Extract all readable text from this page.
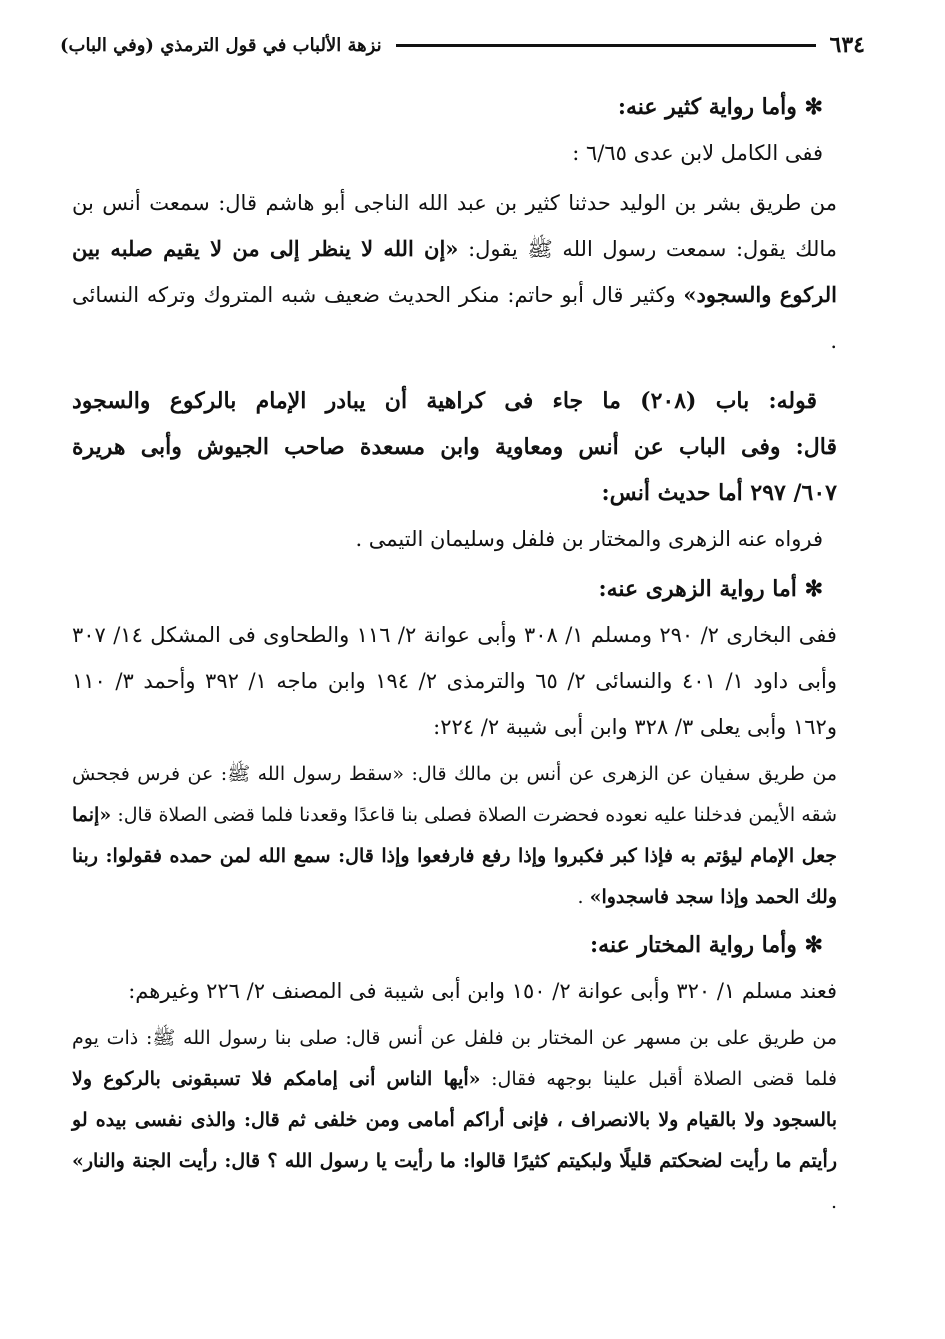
٦٣٤
نزهة الألباب في قول الترمذي (وفي الباب)
✻ وأما رواية كثير عنه:
ففى الكامل لابن عدى ٦/٦٥ :
من طريق بشر بن الوليد حدثنا كثير بن عبد الله الناجى أبو هاشم قال: سمعت أنس بن مالك يقول: سمعت رسول الله ﷺ يقول: «إن الله لا ينظر إلى من لا يقيم صلبه بين الركوع والسجود» وكثير قال أبو حاتم: منكر الحديث ضعيف شبه المتروك وتركه النسائى .
قوله: باب (٢٠٨) ما جاء فى كراهية أن يبادر الإمام بالركوع والسجود
قال: وفى الباب عن أنس ومعاوية وابن مسعدة صاحب الجيوش وأبى هريرة
٦٠٧/ ٢٩٧ أما حديث أنس:
فرواه عنه الزهرى والمختار بن فلفل وسليمان التيمى .
✻ أما رواية الزهرى عنه:
ففى البخارى ٢/ ٢٩٠ ومسلم ١/ ٣٠٨ وأبى عوانة ٢/ ١١٦ والطحاوى فى المشكل ١٤/ ٣٠٧ وأبى داود ١/ ٤٠١ والنسائى ٢/ ٦٥ والترمذى ٢/ ١٩٤ وابن ماجه ١/ ٣٩٢ وأحمد ٣/ ١١٠ و١٦٢ وأبى يعلى ٣/ ٣٢٨ وابن أبى شيبة ٢/ ٢٢٤:
من طريق سفيان عن الزهرى عن أنس بن مالك قال: «سقط رسول الله ﷺ: عن فرس فجحش شقه الأيمن فدخلنا عليه نعوده فحضرت الصلاة فصلى بنا قاعدًا وقعدنا فلما قضى الصلاة قال: «إنما جعل الإمام ليؤتم به فإذا كبر فكبروا وإذا رفع فارفعوا وإذا قال: سمع الله لمن حمده فقولوا: ربنا ولك الحمد وإذا سجد فاسجدوا» .
✻ وأما رواية المختار عنه:
فعند مسلم ١/ ٣٢٠ وأبى عوانة ٢/ ١٥٠ وابن أبى شيبة فى المصنف ٢/ ٢٢٦ وغيرهم:
من طريق على بن مسهر عن المختار بن فلفل عن أنس قال: صلى بنا رسول الله ﷺ: ذات يوم فلما قضى الصلاة أقبل علينا بوجهه فقال: «أيها الناس أنى إمامكم فلا تسبقونى بالركوع ولا بالسجود ولا بالقيام ولا بالانصراف ، فإنى أراكم أمامى ومن خلفى ثم قال: والذى نفسى بيده لو رأيتم ما رأيت لضحكتم قليلًا ولبكيتم كثيرًا قالوا: ما رأيت يا رسول الله ؟ قال: رأيت الجنة والنار» .
